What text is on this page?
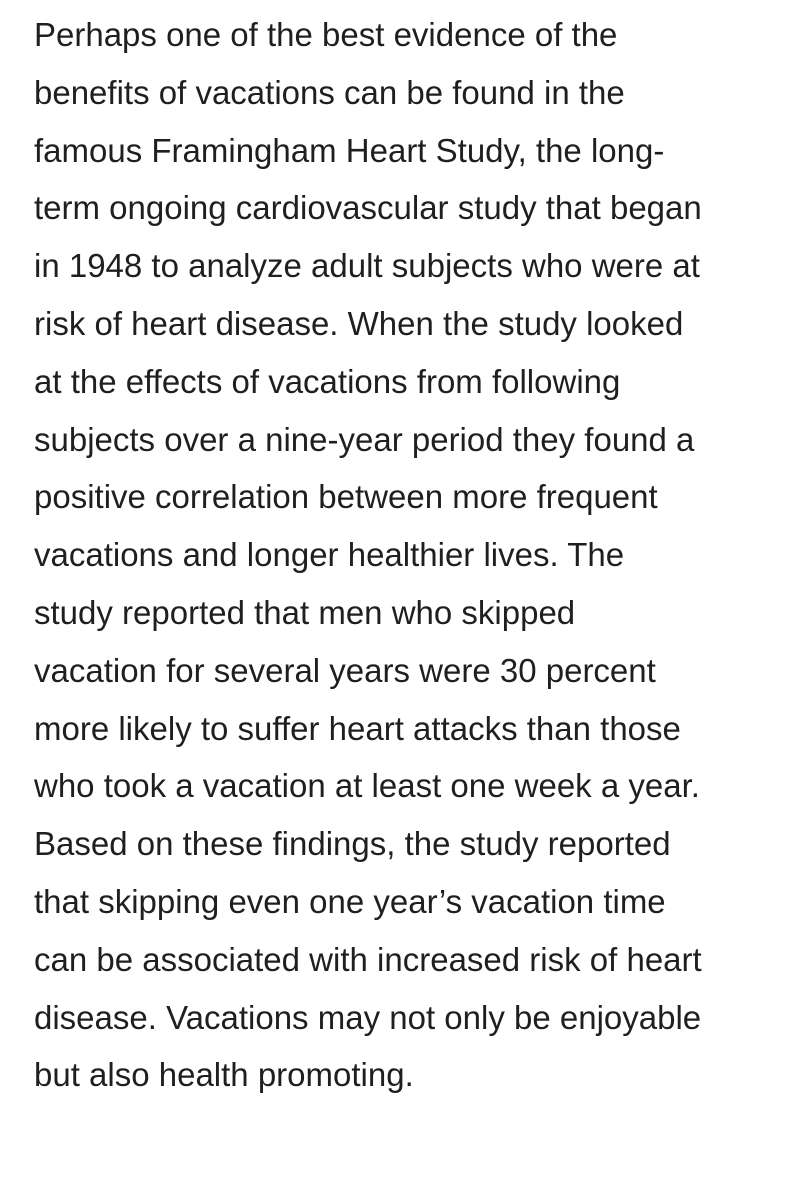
Perhaps one of the best evidence of the
benefits of vacations can be found in the
famous Framingham Heart Study, the long-
term ongoing cardiovascular study that began
in 1948 to analyze adult subjects who were at
risk of heart disease. When the study looked
at the effects of vacations from following
subjects over a nine-year period they found a
positive correlation between more frequent
vacations and longer healthier lives. The
study reported that men who skipped
vacation for several years were 30 percent
more likely to suffer heart attacks than those
who took a vacation at least one week a year.
Based on these findings, the study reported
that skipping even one year’s vacation time
can be associated with increased risk of heart
disease. Vacations may not only be enjoyable
but also health promoting.
